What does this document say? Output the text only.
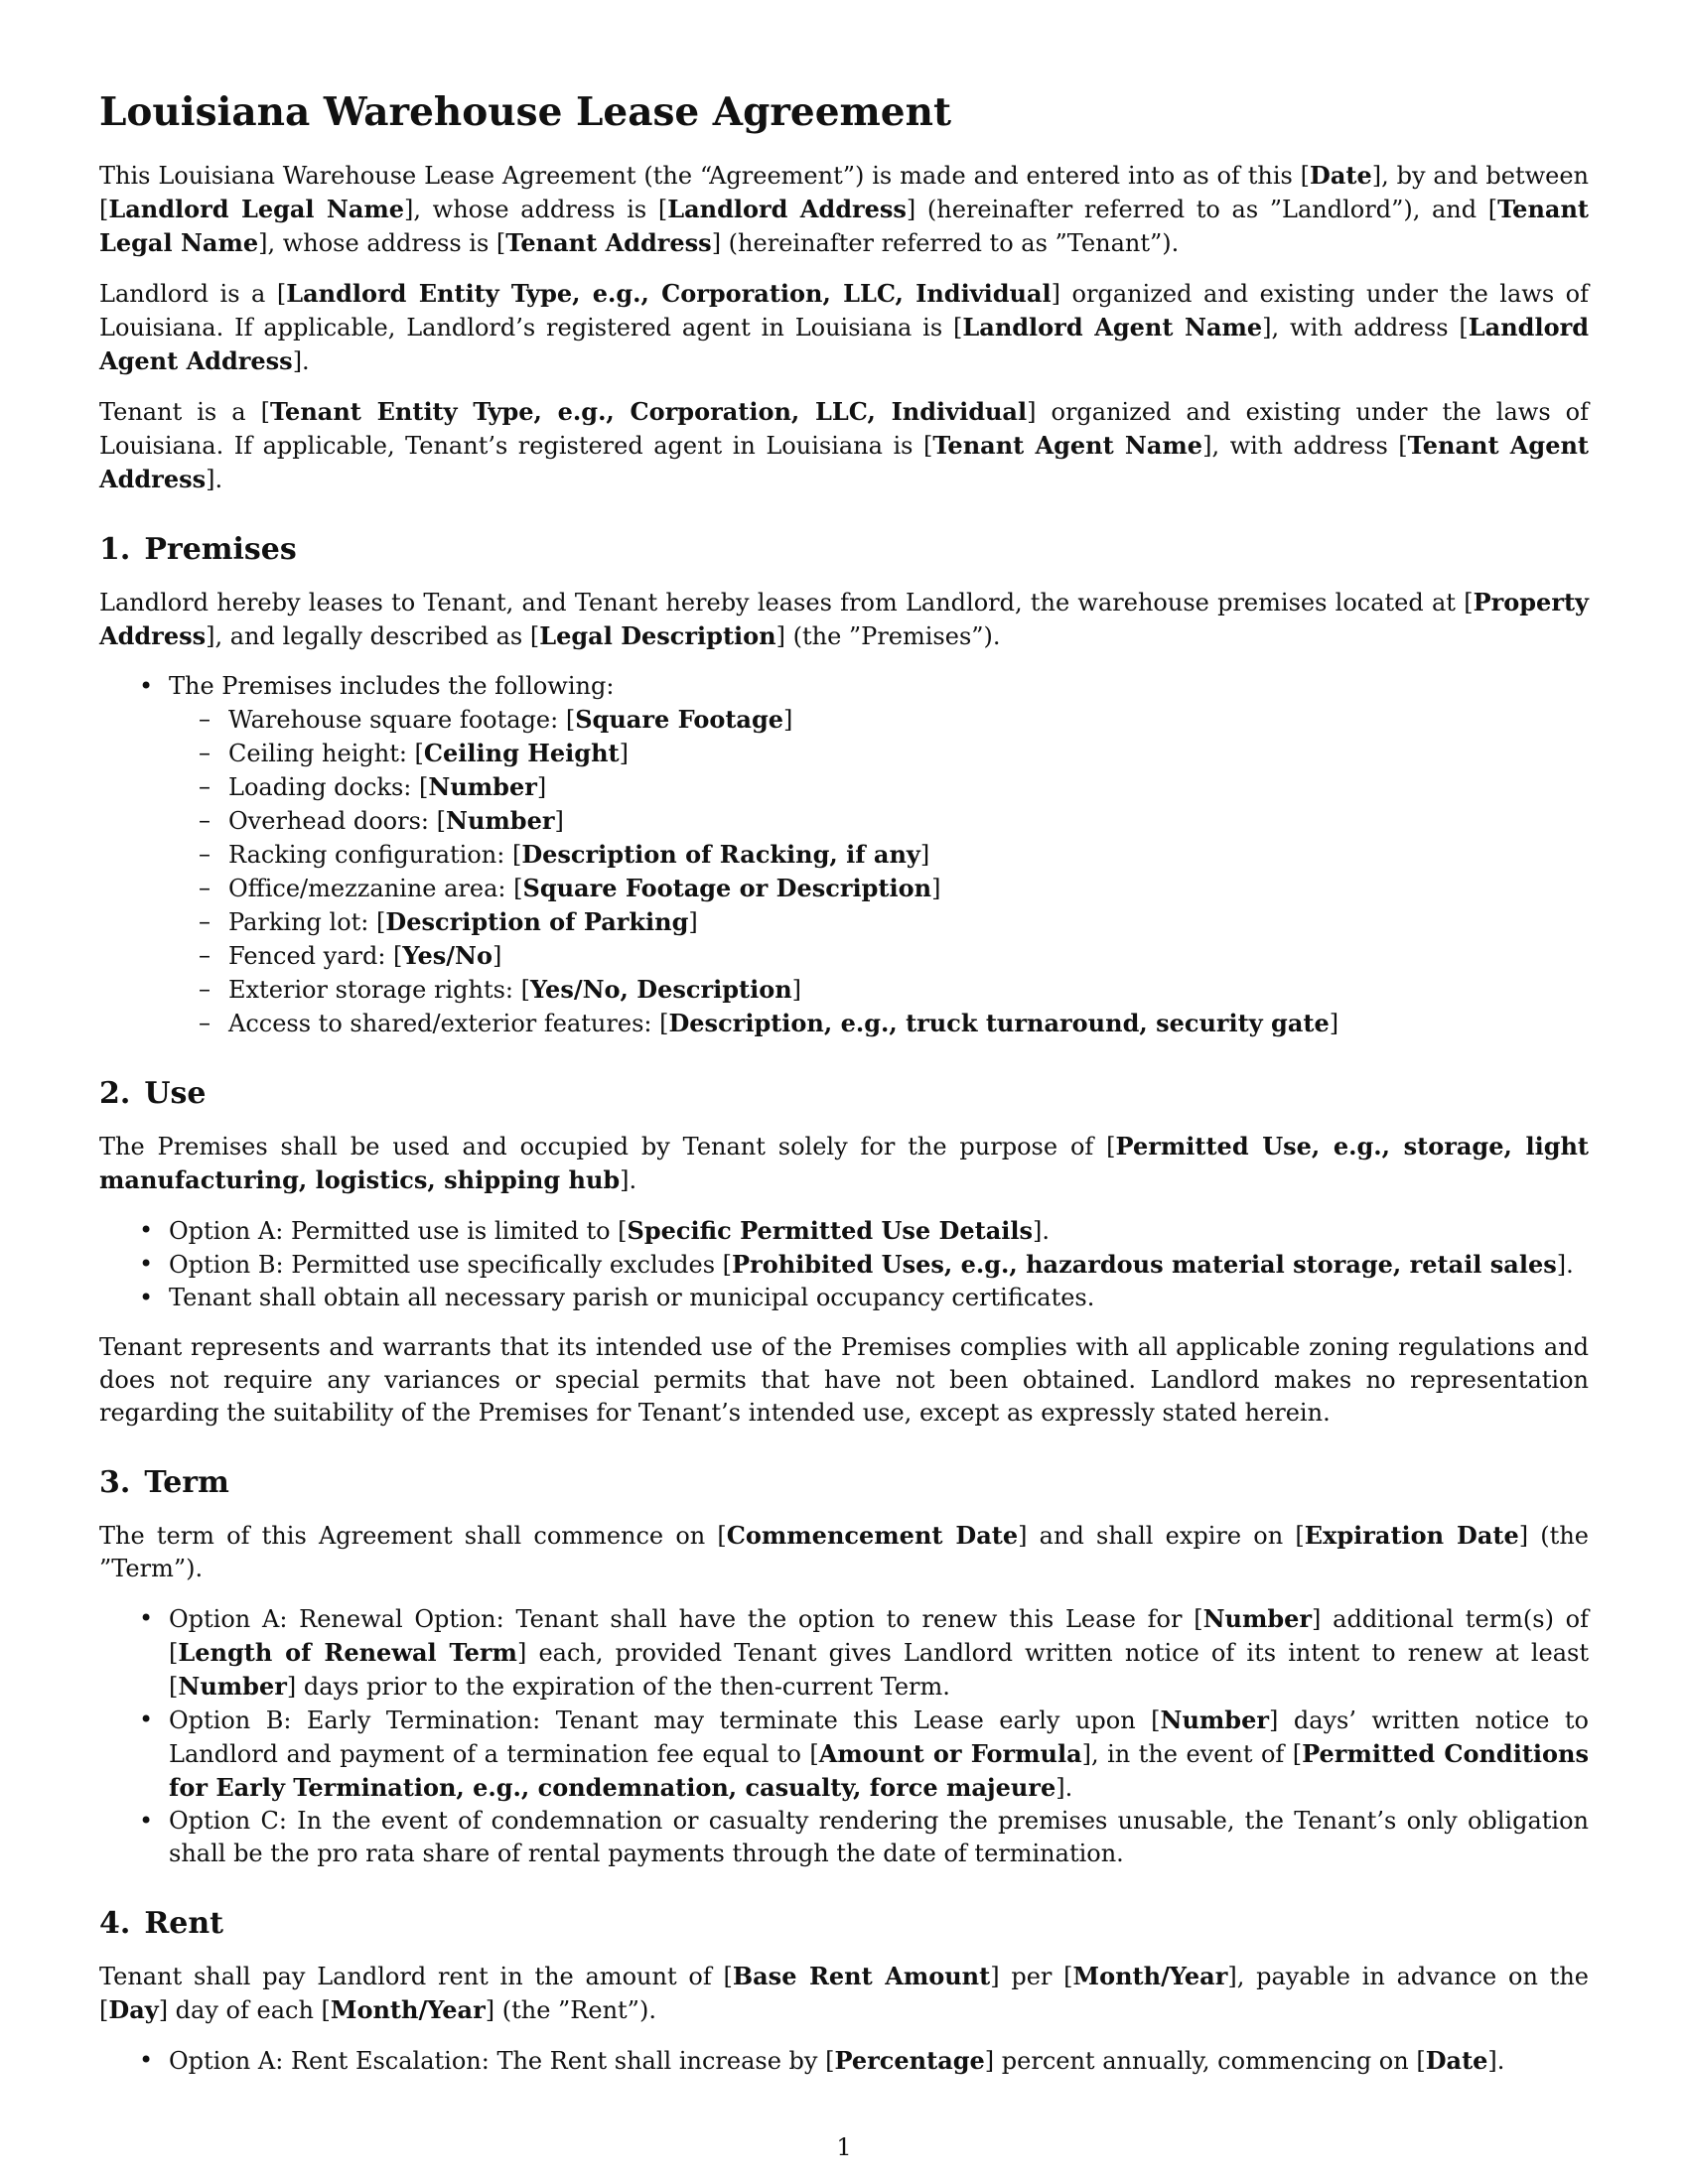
Louisiana Warehouse Lease Agreement

This Louisiana Warehouse Lease Agreement (the “Agreement”) is made and entered into as of this [Date], by and between [Landlord Legal Name], whose address is [Landlord Address] (hereinafter referred to as ”Landlord”), and [Tenant Legal Name], whose address is [Tenant Address] (hereinafter referred to as ”Tenant”).

Landlord is a [Landlord Entity Type, e.g., Corporation, LLC, Individual] organized and existing under the laws of Louisiana. If applicable, Landlord’s registered agent in Louisiana is [Landlord Agent Name], with address [Landlord Agent Address].

Tenant is a [Tenant Entity Type, e.g., Corporation, LLC, Individual] organized and existing under the laws of Louisiana. If applicable, Tenant’s registered agent in Louisiana is [Tenant Agent Name], with address [Tenant Agent Address].

1. Premises

Landlord hereby leases to Tenant, and Tenant hereby leases from Landlord, the warehouse premises located at [Property Address], and legally described as [Legal Description] (the ”Premises”).

• The Premises includes the following:
– Warehouse square footage: [Square Footage]
– Ceiling height: [Ceiling Height]
– Loading docks: [Number]
– Overhead doors: [Number]
– Racking configuration: [Description of Racking, if any]
– Office/mezzanine area: [Square Footage or Description]
– Parking lot: [Description of Parking]
– Fenced yard: [Yes/No]
– Exterior storage rights: [Yes/No, Description]
– Access to shared/exterior features: [Description, e.g., truck turnaround, security gate]
2. Use

The Premises shall be used and occupied by Tenant solely for the purpose of [Permitted Use, e.g., storage, light manufacturing, logistics, shipping hub].

• Option A: Permitted use is limited to [Specific Permitted Use Details].
• Option B: Permitted use specifically excludes [Prohibited Uses, e.g., hazardous material storage, retail sales].
• Tenant shall obtain all necessary parish or municipal occupancy certificates.

Tenant represents and warrants that its intended use of the Premises complies with all applicable zoning regulations and does not require any variances or special permits that have not been obtained. Landlord makes no representation regarding the suitability of the Premises for Tenant’s intended use, except as expressly stated herein.

3. Term

The term of this Agreement shall commence on [Commencement Date] and shall expire on [Expiration Date] (the ”Term”).

• Option A: Renewal Option: Tenant shall have the option to renew this Lease for [Number] additional term(s) of [Length of Renewal Term] each, provided Tenant gives Landlord written notice of its intent to renew at least [Number] days prior to the expiration of the then-current Term.
• Option B: Early Termination: Tenant may terminate this Lease early upon [Number] days’ written notice to Landlord and payment of a termination fee equal to [Amount or Formula], in the event of [Permitted Conditions for Early Termination, e.g., condemnation, casualty, force majeure].
• Option C: In the event of condemnation or casualty rendering the premises unusable, the Tenant’s only obligation shall be the pro rata share of rental payments through the date of termination.
4. Rent

Tenant shall pay Landlord rent in the amount of [Base Rent Amount] per [Month/Year], payable in advance on the [Day] day of each [Month/Year] (the ”Rent”).

• Option A: Rent Escalation: The Rent shall increase by [Percentage] percent annually, commencing on [Date].
1
